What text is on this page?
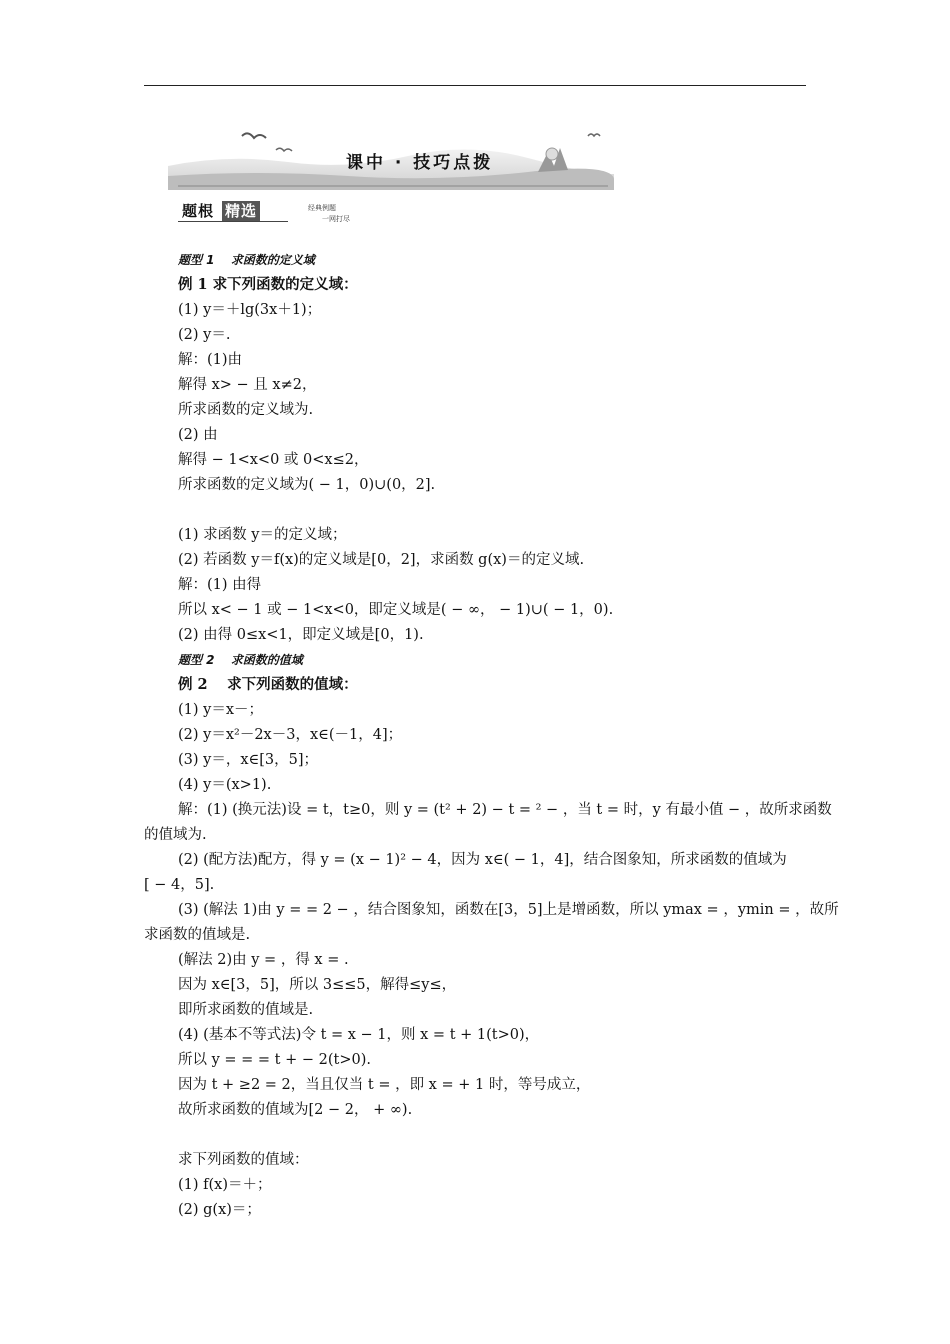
课中 · 技巧点拨
题根 精选	经典例题
一网打尽
题型 1　 求函数的定义域
例 1 求下列函数的定义域：
(1) y＝＋lg(3x＋1)；
(2) y＝.
解：(1)由
解得 x> − 且 x≠2，
所求函数的定义域为.
(2) 由
解得 − 1<x<0 或 0<x≤2，
所求函数的定义域为( − 1，0)∪(0，2].
(1) 求函数 y＝的定义域；
(2) 若函数 y＝f(x)的定义域是[0，2]，求函数 g(x)＝的定义域.
解：(1) 由得
所以 x< − 1 或 − 1<x<0，即定义域是( − ∞， − 1)∪( − 1，0).
(2) 由得 0≤x<1，即定义域是[0，1).
题型 2　 求函数的值域
例 2　 求下列函数的值域：
(1) y＝x－；
(2) y＝x²－2x－3，x∈(－1，4]；
(3) y＝，x∈[3，5]；
(4) y＝(x>1).
解：(1) (换元法)设 = t，t≥0，则 y = (t² + 2) − t = ² − ，当 t = 时，y 有最小值 − ，故所求函数
的值域为.
(2) (配方法)配方，得 y = (x − 1)² − 4，因为 x∈( − 1，4]，结合图象知，所求函数的值域为
[ − 4，5].
(3) (解法 1)由 y = = 2 − ，结合图象知，函数在[3，5]上是增函数，所以 ymax = ，ymin = ，故所
求函数的值域是.
(解法 2)由 y = ，得 x = .
因为 x∈[3，5]，所以 3≤≤5，解得≤y≤，
即所求函数的值域是.
(4) (基本不等式法)令 t = x − 1，则 x = t + 1(t>0)，
所以 y = = = t + − 2(t>0).
因为 t + ≥2 = 2，当且仅当 t = ，即 x = + 1 时，等号成立，
故所求函数的值域为[2 − 2， + ∞).
求下列函数的值域：
(1) f(x)＝＋；
(2) g(x)＝；
